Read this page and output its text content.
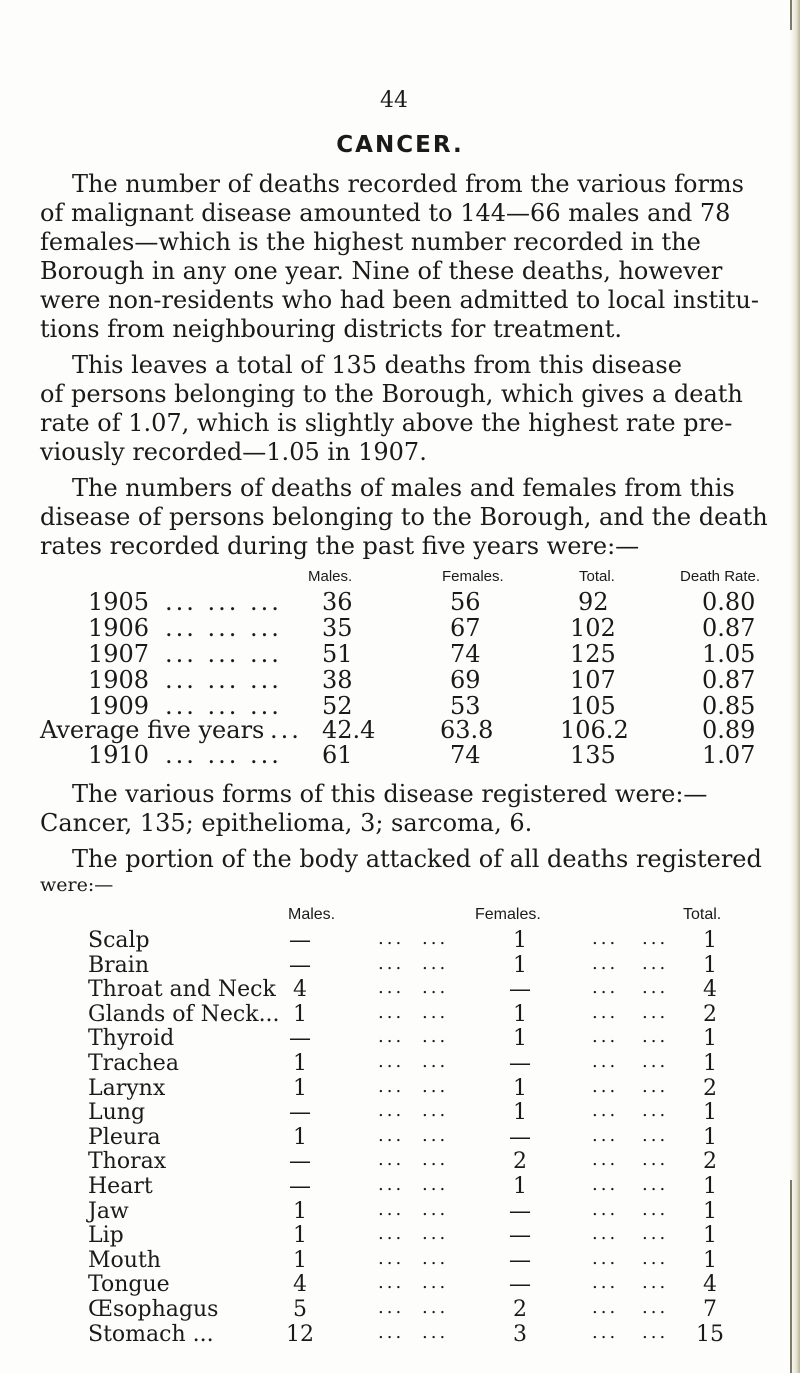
44
CANCER.
The number of deaths recorded from the various forms
of malignant disease amounted to 144—66 males and 78
females—which is the highest number recorded in the
Borough in any one year. Nine of these deaths, however
were non-residents who had been admitted to local institu-
tions from neighbouring districts for treatment.
This leaves a total of 135 deaths from this disease
of persons belonging to the Borough, which gives a death
rate of 1.07, which is slightly above the highest rate pre-
viously recorded—1.05 in 1907.
The numbers of deaths of males and females from this
disease of persons belonging to the Borough, and the death
rates recorded during the past five years were:—
Males.	Females.	Total.	Death Rate.
1905 ... ... ... 36	56	92	0.80
1906 ... ... ... 35	67	102	0.87
1907 ... ... ... 51	74	125	1.05
1908 ... ... ... 38	69	107	0.87
1909 ... ... ... 52	53	105	0.85
Average five years ... 42.4	63.8	106.2	0.89
1910 ... ... ... 61	74	135	1.07
The various forms of this disease registered were:—
Cancer, 135; epithelioma, 3; sarcoma, 6.
The portion of the body attacked of all deaths registered
were:—
Males.	Females.	Total.
Scalp	—	1	1
... ...	... ...
Brain	—	1	1
... ...	... ...
Throat and Neck 4	—	4
... ...	... ...
Glands of Neck... 1	1	2
... ...	... ...
Thyroid	—	1	1
... ...	... ...
Trachea	1	—	1
... ...	... ...
Larynx	1	1	2
... ...	... ...
Lung	—	1	1
... ...	... ...
Pleura	1	—	1
... ...	... ...
Thorax	—	2	2
... ...	... ...
Heart	—	1	1
... ...	... ...
Jaw	1	—	1
... ...	... ...
Lip	1	—	1
... ...	... ...
Mouth	1	—	1
... ...	... ...
Tongue	4	—	4
... ...	... ...
Œsophagus	5	2	7
... ...	... ...
Stomach ...	12	3	15
... ...	... ...
